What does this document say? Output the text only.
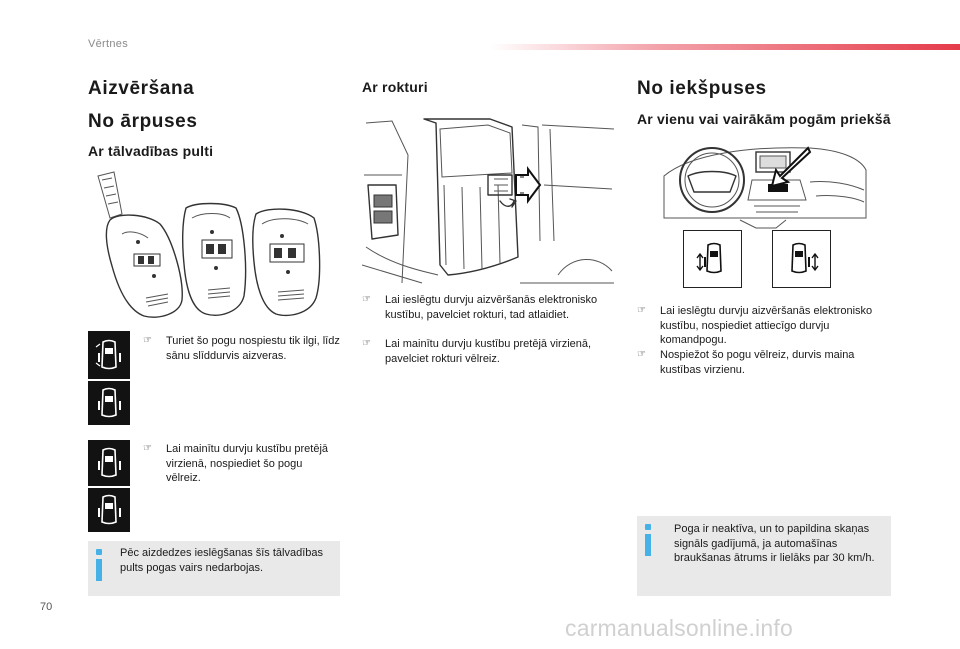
Vērtnes
Aizvēršana
No ārpuses
Ar tālvadības pulti
☞	Turiet šo pogu nospiestu tik ilgi, līdz sānu slīddurvis aizveras.
☞	Lai mainītu durvju kustību pretējā virzienā, nospiediet šo pogu vēlreiz.
Pēc aizdedzes ieslēgšanas šīs tālvadības pults pogas vairs nedarbojas.
Ar rokturi
☞	Lai ieslēgtu durvju aizvēršanās elektronisko kustību, pavelciet rokturi, tad atlaidiet.
☞	Lai mainītu durvju kustību pretējā virzienā, pavelciet rokturi vēlreiz.
No iekšpuses
Ar vienu vai vairākām pogām priekšā
☞	Lai ieslēgtu durvju aizvēršanās elektronisko kustību, nospiediet attiecīgo durvju komandpogu.
☞	Nospiežot šo pogu vēlreiz, durvis maina kustības virzienu.
Poga ir neaktīva, un to papildina skaņas signāls gadījumā, ja automašīnas braukšanas ātrums ir lielāks par 30 km/h.
70
carmanualsonline.info
